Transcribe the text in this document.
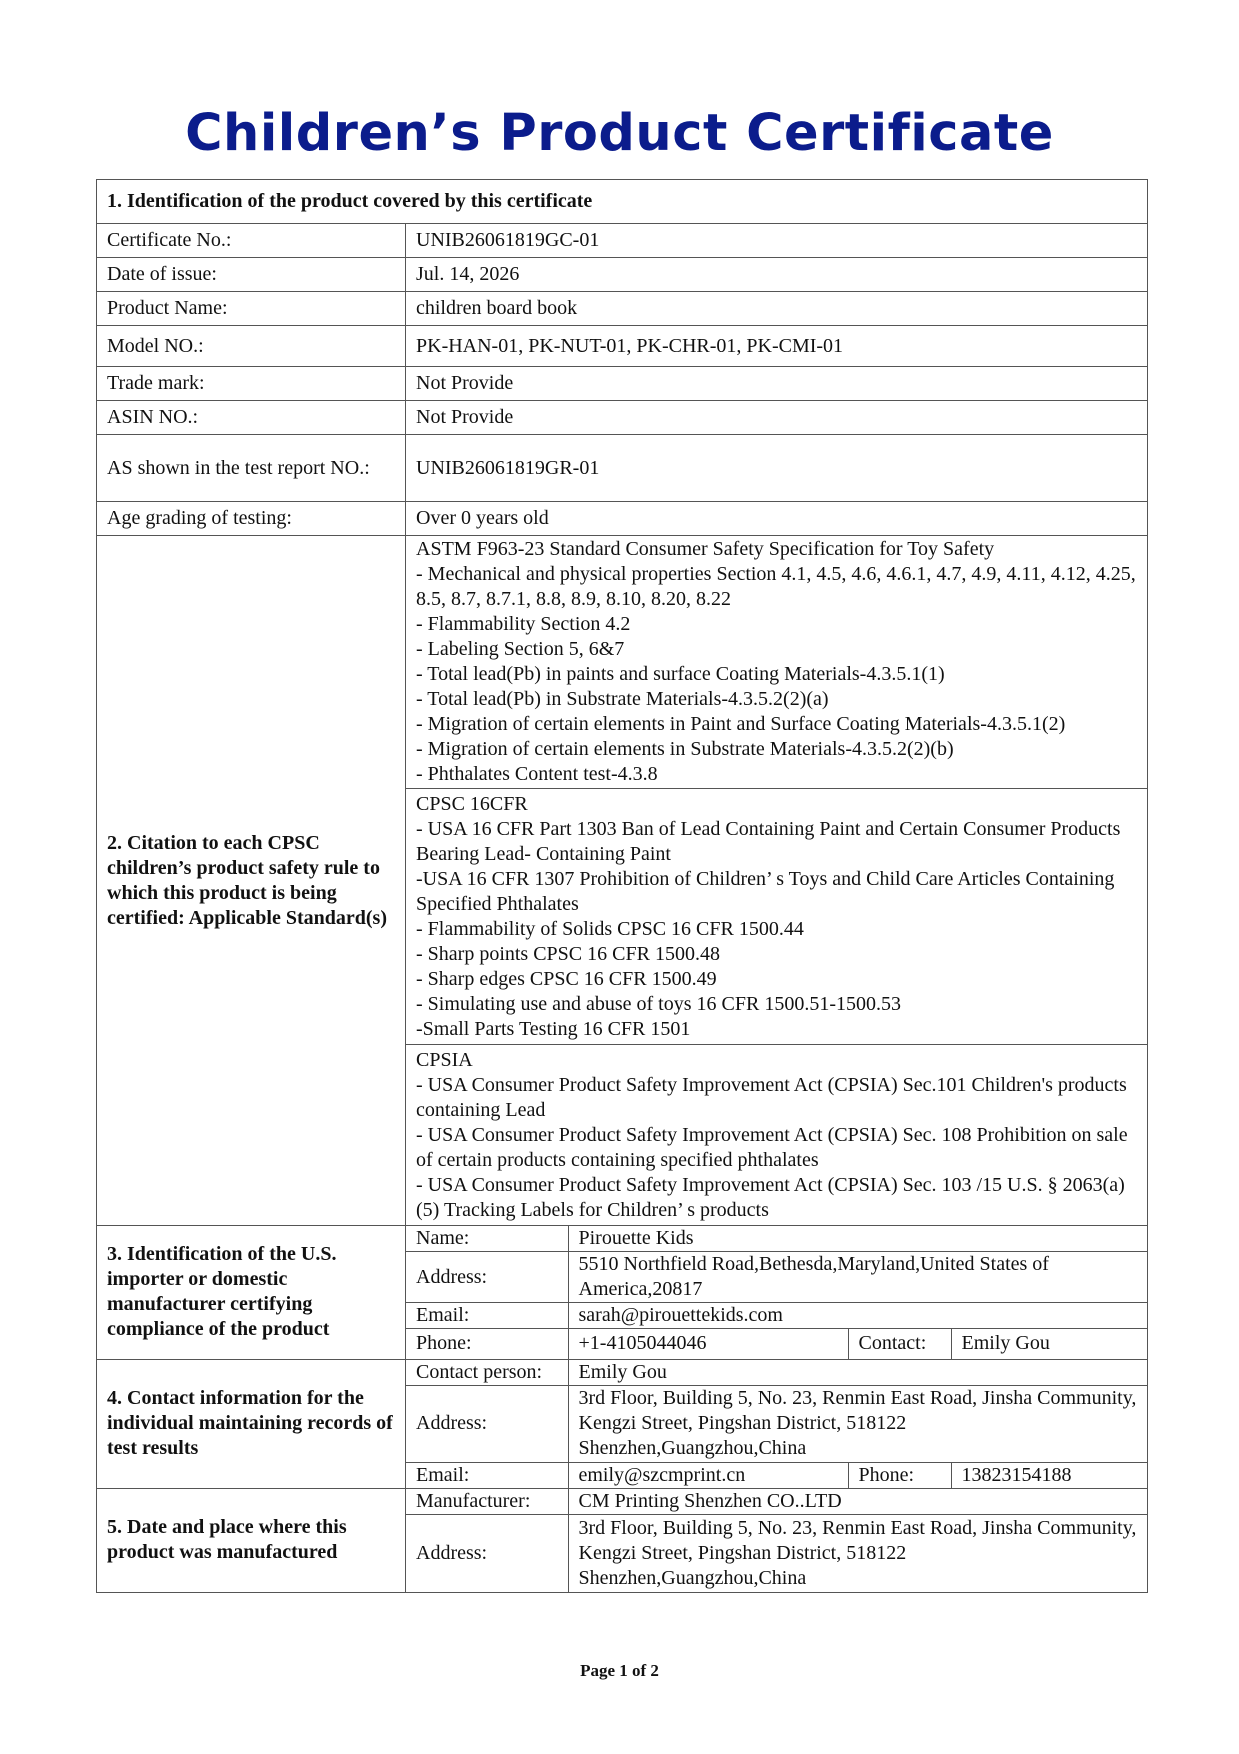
Children’s Product Certificate
1. Identification of the product covered by this certificate
Certificate No.:	UNIB26061819GC-01
Date of issue:	Jul. 14, 2026
Product Name:	children board book
Model NO.:	PK-HAN-01, PK-NUT-01, PK-CHR-01, PK-CMI-01
Trade mark:	Not Provide
ASIN NO.:	Not Provide
AS shown in the test report NO.:	UNIB26061819GR-01
Age grading of testing:	Over 0 years old
2. Citation to each CPSC children’s product safety rule to which this product is being certified: Applicable Standard(s)	
ASTM F963-23 Standard Consumer Safety Specification for Toy Safety
- Mechanical and physical properties Section 4.1, 4.5, 4.6, 4.6.1, 4.7, 4.9, 4.11, 4.12, 4.25, 8.5, 8.7, 8.7.1, 8.8, 8.9, 8.10, 8.20, 8.22
- Flammability Section 4.2
- Labeling Section 5, 6&7
- Total lead(Pb) in paints and surface Coating Materials-4.3.5.1(1)
- Total lead(Pb) in Substrate Materials-4.3.5.2(2)(a)
- Migration of certain elements in Paint and Surface Coating Materials-4.3.5.1(2)
- Migration of certain elements in Substrate Materials-4.3.5.2(2)(b)
- Phthalates Content test-4.3.8

CPSC 16CFR
- USA 16 CFR Part 1303 Ban of Lead Containing Paint and Certain Consumer Products Bearing Lead- Containing Paint
-USA 16 CFR 1307 Prohibition of Children’ s Toys and Child Care Articles Containing Specified Phthalates
- Flammability of Solids CPSC 16 CFR 1500.44
- Sharp points CPSC 16 CFR 1500.48
- Sharp edges CPSC 16 CFR 1500.49
- Simulating use and abuse of toys 16 CFR 1500.51-1500.53
-Small Parts Testing 16 CFR 1501

CPSIA
- USA Consumer Product Safety Improvement Act (CPSIA) Sec.101 Children's products containing Lead
- USA Consumer Product Safety Improvement Act (CPSIA) Sec. 108 Prohibition on sale of certain products containing specified phthalates
- USA Consumer Product Safety Improvement Act (CPSIA) Sec. 103 /15 U.S. § 2063(a)(5) Tracking Labels for Children’ s products

3. Identification of the U.S. importer or domestic manufacturer certifying compliance of the product	
Name:	Pirouette Kids
Address:	5510 Northfield Road,Bethesda,Maryland,United States of America,20817
Email:	sarah@pirouettekids.com
Phone:	+1-4105044046	Contact:	Emily Gou

4. Contact information for the individual maintaining records of test results	
Contact person:	Emily Gou
Address:	3rd Floor, Building 5, No. 23, Renmin East Road, Jinsha Community, Kengzi Street, Pingshan District, 518122 Shenzhen,Guangzhou,China
Email:	emily@szcmprint.cn	Phone:	13823154188

5. Date and place where this product was manufactured	
Manufacturer:	CM Printing Shenzhen CO..LTD
Address:	3rd Floor, Building 5, No. 23, Renmin East Road, Jinsha Community, Kengzi Street, Pingshan District, 518122 Shenzhen,Guangzhou,China
Page 1 of 2
